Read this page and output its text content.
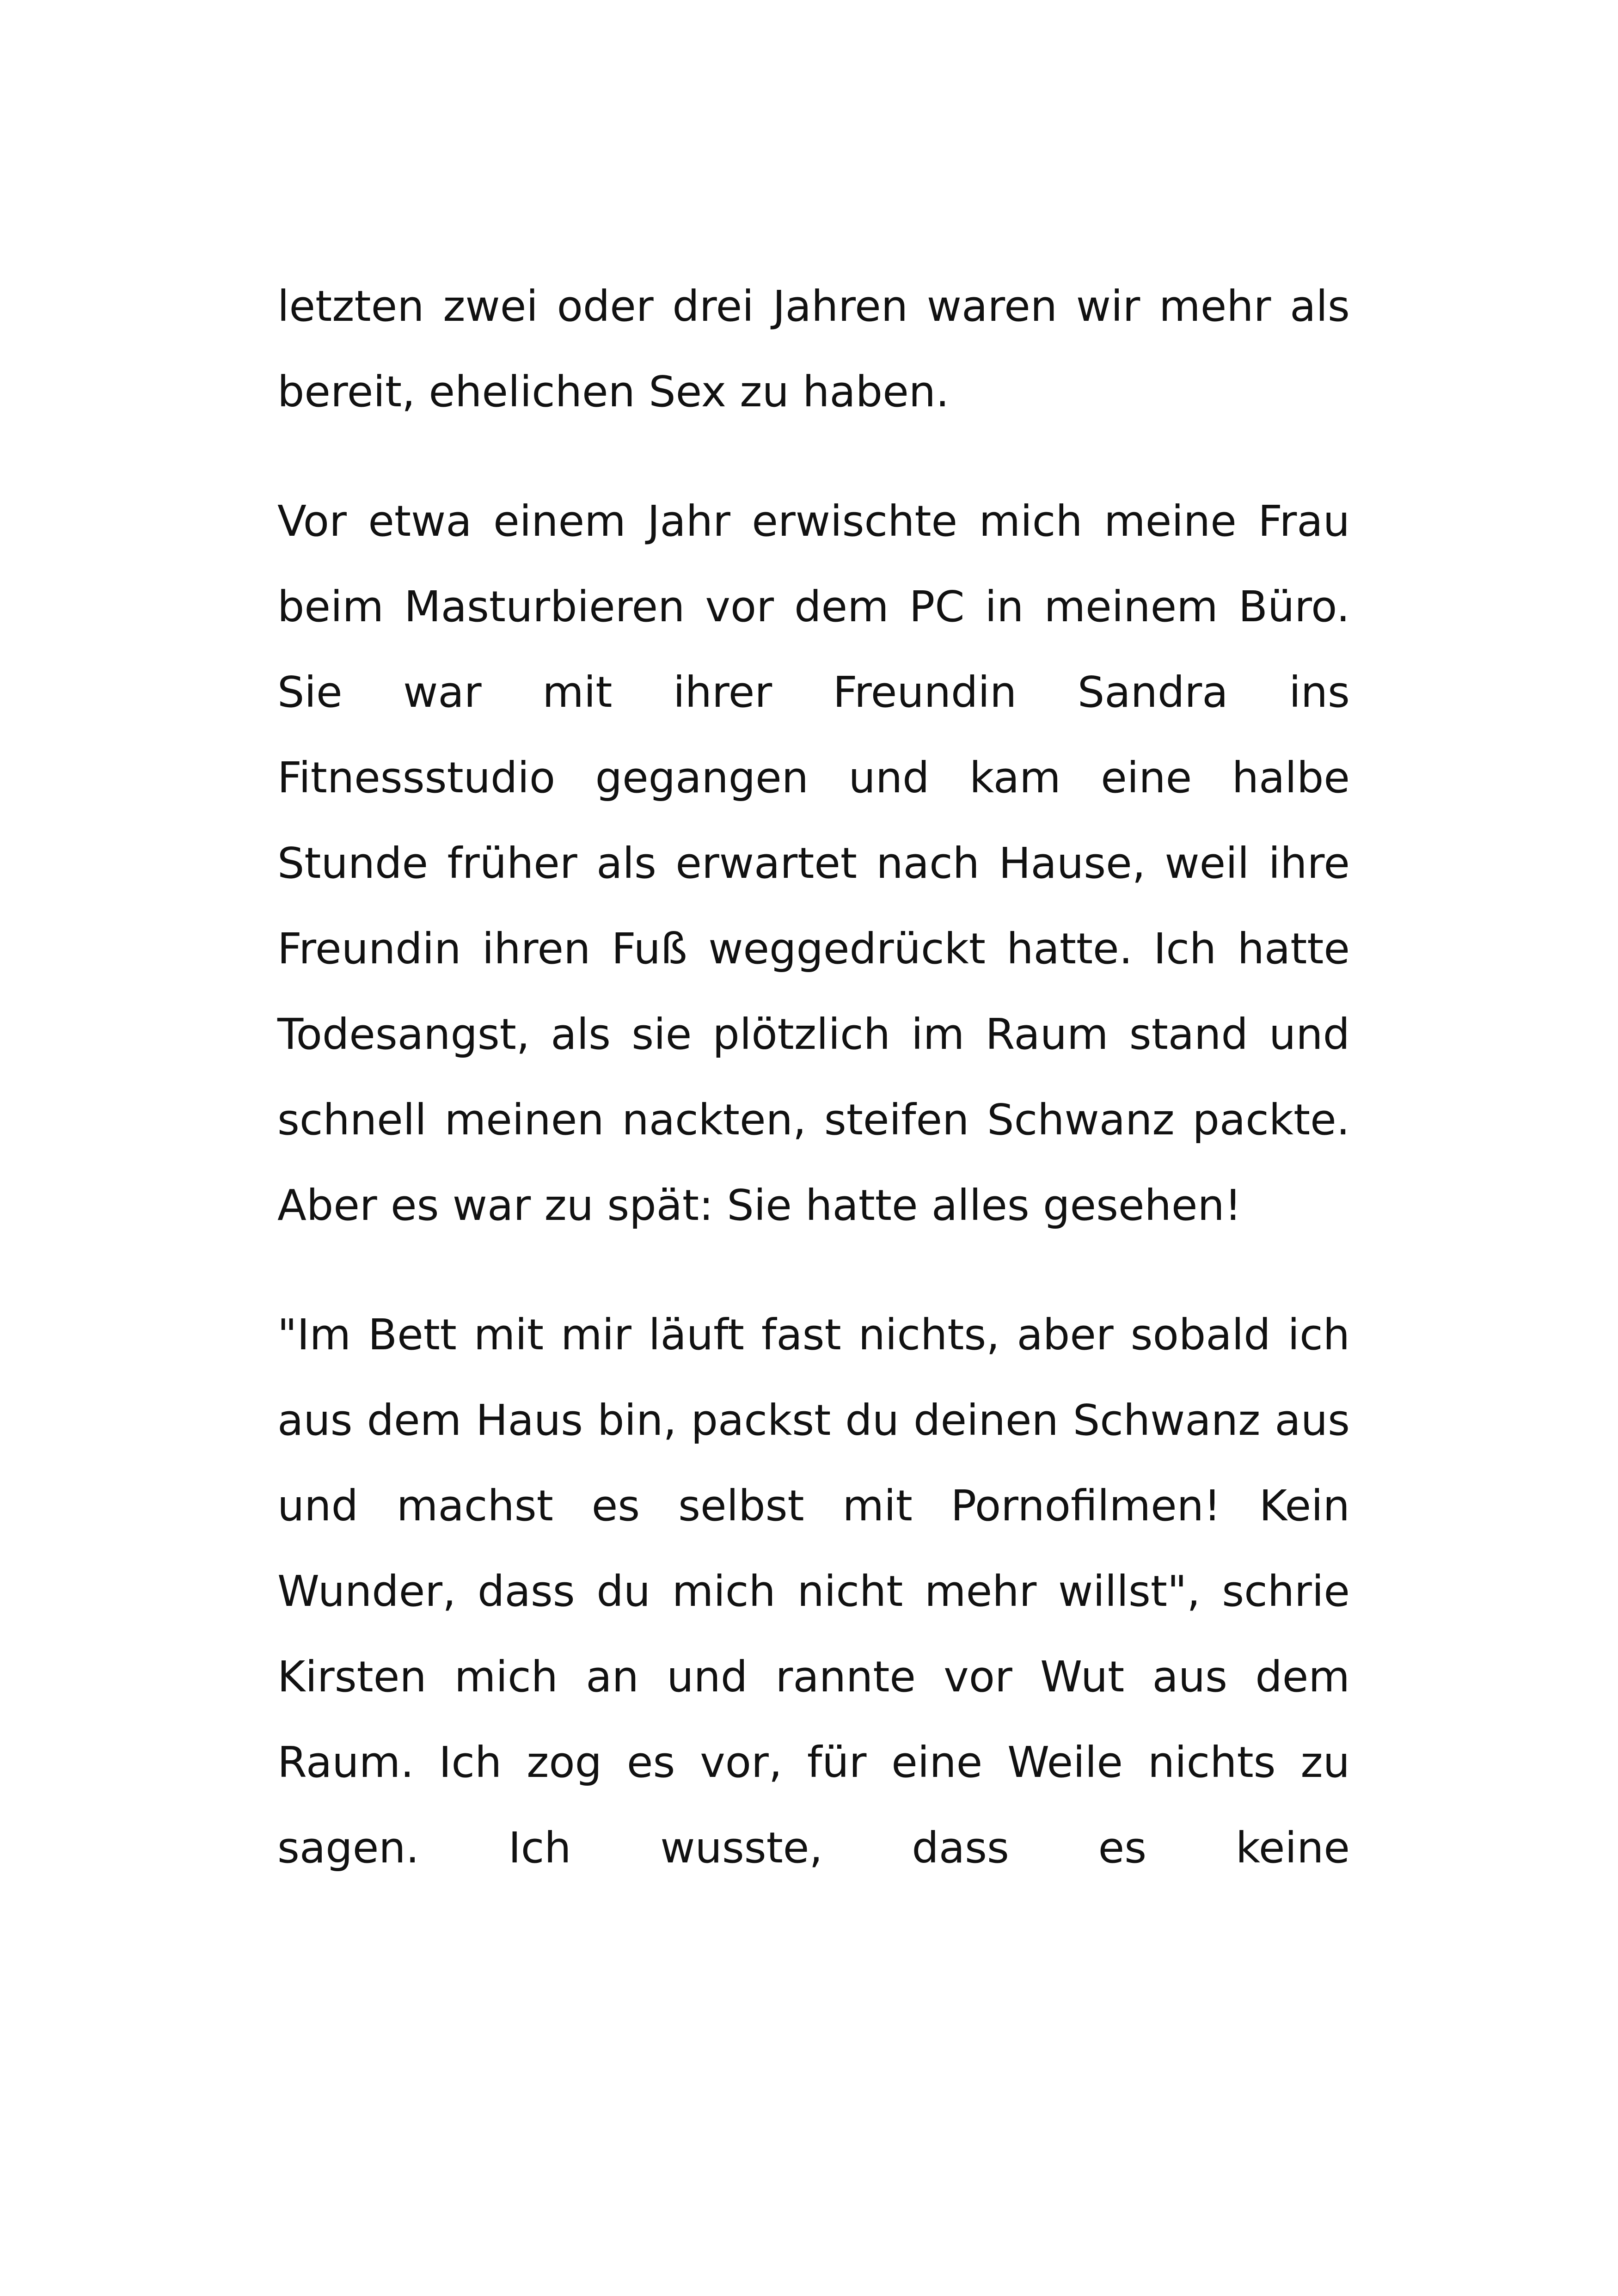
letzten zwei oder drei Jahren waren wir mehr als bereit, ehelichen Sex zu haben.

Vor etwa einem Jahr erwischte mich meine Frau beim Masturbieren vor dem PC in meinem Büro. Sie war mit ihrer Freundin Sandra ins Fitnessstudio gegangen und kam eine halbe Stunde früher als erwartet nach Hause, weil ihre Freundin ihren Fuß weggedrückt hatte. Ich hatte Todesangst, als sie plötzlich im Raum stand und schnell meinen nackten, steifen Schwanz packte. Aber es war zu spät: Sie hatte alles gesehen!

"Im Bett mit mir läuft fast nichts, aber sobald ich aus dem Haus bin, packst du deinen Schwanz aus und machst es selbst mit Pornofilmen! Kein Wunder, dass du mich nicht mehr willst", schrie Kirsten mich an und rannte vor Wut aus dem Raum. Ich zog es vor, für eine Weile nichts zu sagen. Ich wusste, dass es keine
